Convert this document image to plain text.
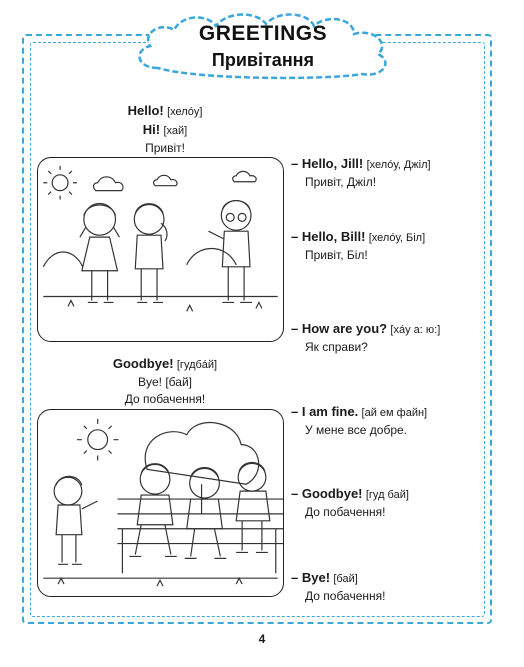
GREETINGS
Привітання
Hello! [хелóу]
Hi! [хай]
Привіт!
Goodbye! [гудбáй]
Bye! [бай]
До побачення!
– Hello, Jill! [хелóу, Джіл]
Привіт, Джіл!
– Hello, Bill! [хелóу, Біл]
Привіт, Біл!
– How are you? [хáу а: ю:]
Як справи?
– I am fine. [ай ем файн]
У мене все добре.
– Goodbye! [гуд бай]
До побачення!
– Bye! [бай]
До побачення!
4
